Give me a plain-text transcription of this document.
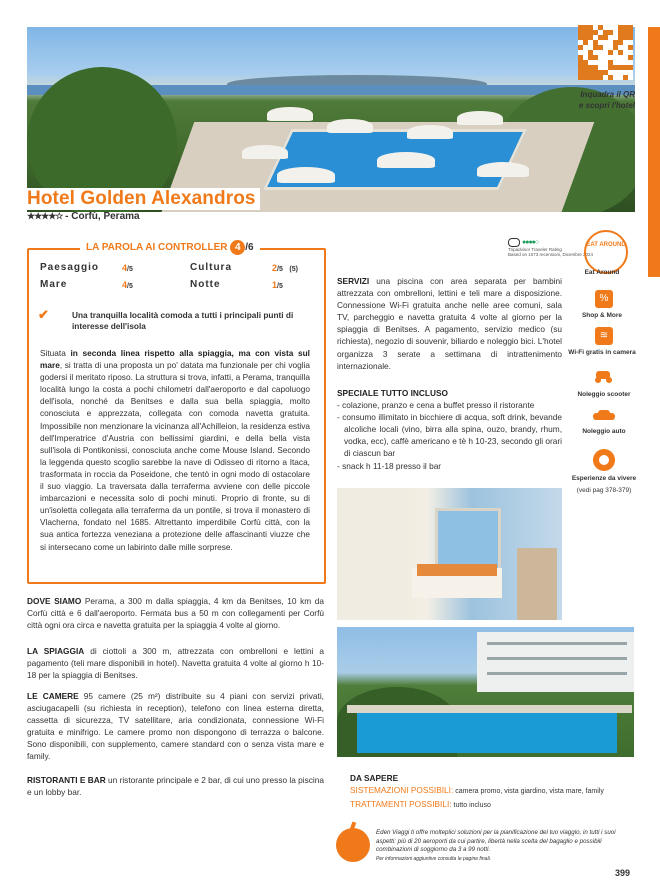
Inquadra il QR
e scopri l'hotel
Hotel Golden Alexandros
★★★★☆ - Corfù, Perama
LA PAROLA AI CONTROLLER 4 /6
Paesaggio	4/5	Cultura	2/5 (5)
Mare	4/5	Notte	1/5
✔	Una tranquilla località comoda a tutti i principali punti di interesse dell'isola
Situata in seconda linea rispetto alla spiaggia, ma con vista sul mare, si tratta di una proposta un po' datata ma funzionale per chi voglia godersi il meritato riposo. La struttura si trova, infatti, a Perama, tranquilla località lungo la costa a pochi chilometri dall'aeroporto e dal capoluogo dell'isola, nonché da Benitses e dalla sua bella spiaggia, molto conosciuta e apprezzata, collegata con comoda navetta gratuita. Impossibile non menzionare la vicinanza all'Achilleion, la residenza estiva dell'Imperatrice d'Austria con bellissimi giardini, e della bella vista sull'isola di Pontikonissi, conosciuta anche come Mouse Island. Secondo la leggenda questo scoglio sarebbe la nave di Odisseo di ritorno a Itaca, trasformata in roccia da Poseidone, che tentò in ogni modo di ostacolare il suo viaggio. La traversata dalla terraferma avviene con delle piccole imbarcazioni e necessita solo di pochi minuti. Proprio di fronte, su di un'isoletta collegata alla terraferma da un pontile, si trova il monastero di Vlacherna, fondato nel 1685. Altrettanto imperdibile Corfù città, con la sua antica fortezza veneziana a protezione delle affascinanti viuzze che si intersecano come un labirinto dalle mille sorprese.
DOVE SIAMO Perama, a 300 m dalla spiaggia, 4 km da Benitses, 10 km da Corfù città e 6 dall'aeroporto. Fermata bus a 50 m con collegamenti per Corfù città ogni ora circa e navetta gratuita per la spiaggia 4 volte al giorno.
LA SPIAGGIA di ciottoli a 300 m, attrezzata con ombrelloni e lettini a pagamento (teli mare disponibili in hotel). Navetta gratuita 4 volte al giorno h 10-18 per la spiaggia di Benitses.
LE CAMERE 95 camere (25 m²) distribuite su 4 piani con servizi privati, asciugacapelli (su richiesta in reception), telefono con linea esterna diretta, cassetta di sicurezza, TV satellitare, aria condizionata, connessione Wi-Fi gratuita e minifrigo. Le camere promo non dispongono di terrazza o balcone. Sono disponibili, con supplemento, camere standard con o senza vista mare e family.
RISTORANTI E BAR un ristorante principale e 2 bar, di cui uno presso la piscina e un lobby bar.
●●●●○
Tripadvisor Traveler Rating
Based on 1073 recensioni, Dicembre 2024
SERVIZI una piscina con area separata per bambini attrezzata con ombrelloni, lettini e teli mare a disposizione. Connessione Wi-Fi gratuita anche nelle aree comuni, sala TV, parcheggio e navetta gratuita 4 volte al giorno per la spiaggia di Benitses. A pagamento, servizio medico (su richiesta), negozio di souvenir, biliardo e noleggio bici. L'hotel organizza 3 serate a settimana di intrattenimento internazionale.
SPECIALE TUTTO INCLUSO
- colazione, pranzo e cena a buffet presso il ristorante
- consumo illimitato in bicchiere di acqua, soft drink, bevande alcoliche locali (vino, birra alla spina, ouzo, brandy, rhum, vodka, ecc), caffè americano e tè h 10-23, secondo gli orari di ciascun bar
- snack h 11-18 presso il bar
EAT AROUND
Eat Around
%
Shop & More
≋
Wi-Fi gratis in camera
Noleggio scooter
Noleggio auto
Esperienze da vivere
(vedi pag 378-379)
DA SAPERE
SISTEMAZIONI POSSIBILI: camera promo, vista giardino, vista mare, family
TRATTAMENTI POSSIBILI: tutto incluso
Eden Viaggi ti offre molteplici soluzioni per la pianificazione del tuo viaggio, in tutti i suoi aspetti: più di 20 aeroporti da cui partire, libertà nella scelta del bagaglio e possibili combinazioni di soggiorno da 3 a 99 notti.
Per informazioni aggiuntive consulta le pagine finali.
399
